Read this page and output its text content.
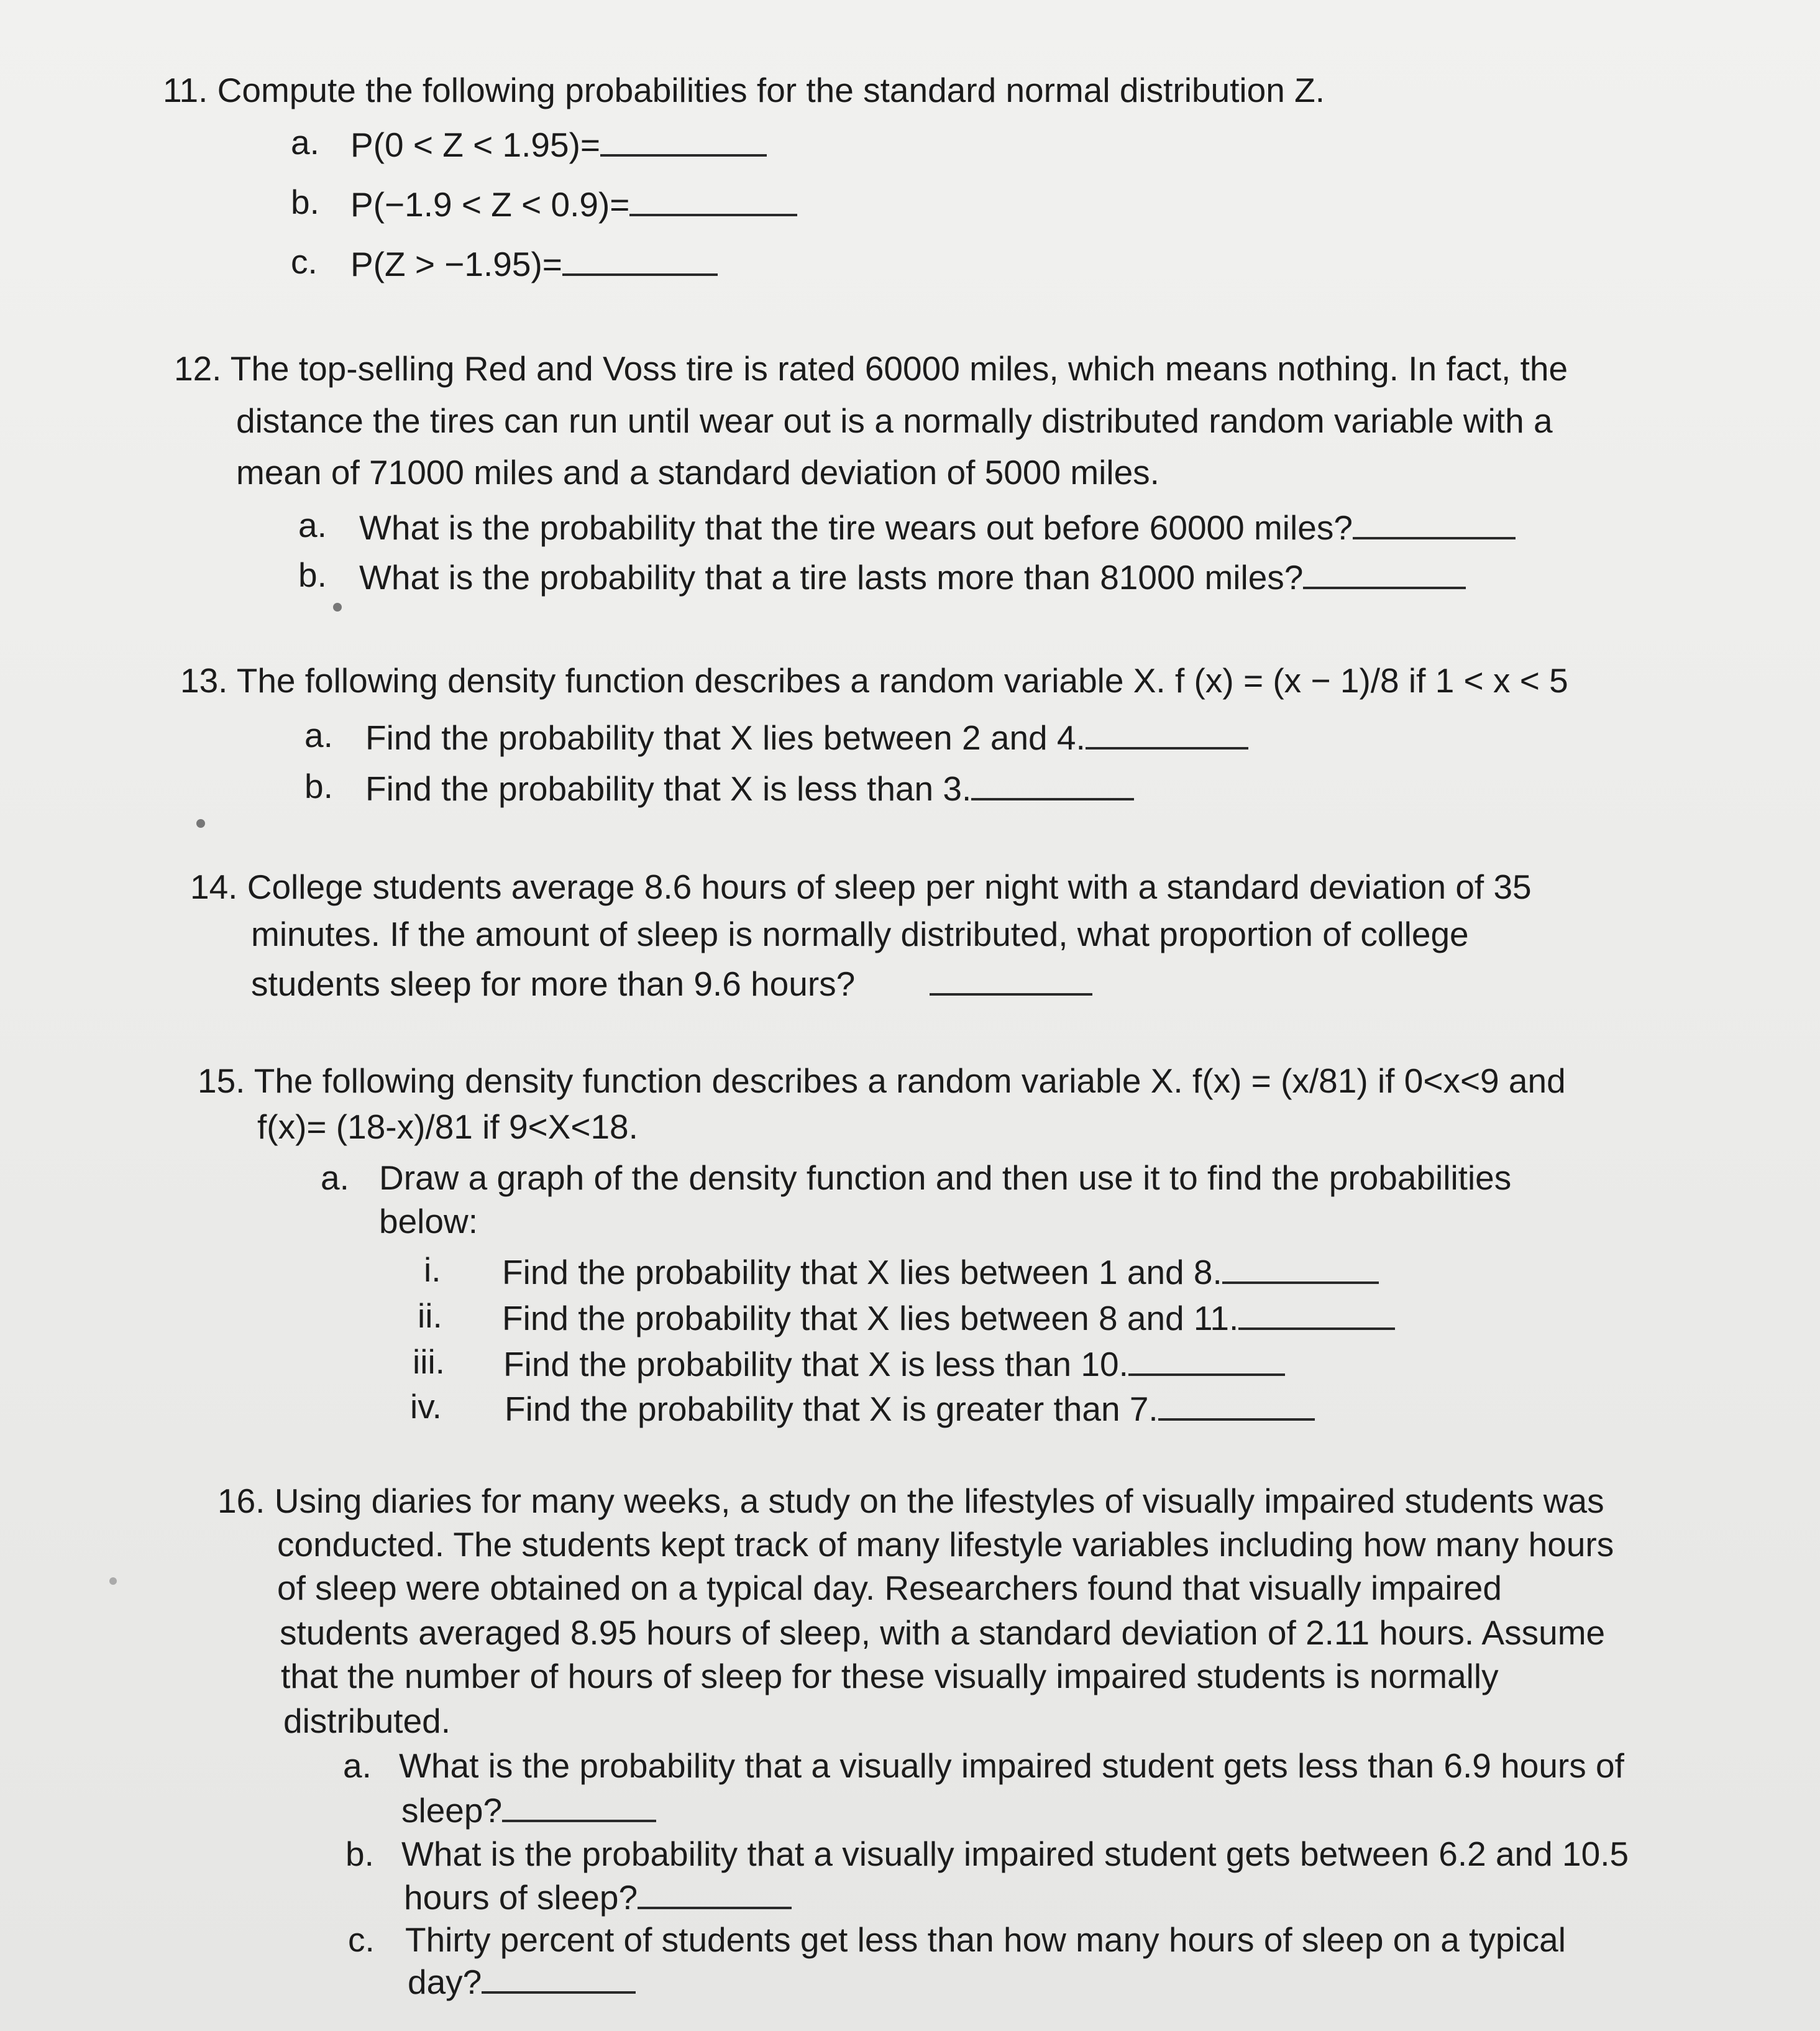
11. Compute the following probabilities for the standard normal distribution Z.
a. P(0 < Z < 1.95)=
b. P(−1.9 < Z < 0.9)=
c. P(Z > −1.95)=
12. The top-selling Red and Voss tire is rated 60000 miles, which means nothing. In fact, the
distance the tires can run until wear out is a normally distributed random variable with a
mean of 71000 miles and a standard deviation of 5000 miles.
a. What is the probability that the tire wears out before 60000 miles?
b. What is the probability that a tire lasts more than 81000 miles?
13. The following density function describes a random variable X. f (x) = (x − 1)/8 if 1 < x < 5
a. Find the probability that X lies between 2 and 4.
b. Find the probability that X is less than 3.
14. College students average 8.6 hours of sleep per night with a standard deviation of 35
minutes. If the amount of sleep is normally distributed, what proportion of college
students sleep for more than 9.6 hours?
15. The following density function describes a random variable X. f(x) = (x/81) if 0<x<9 and
f(x)= (18-x)/81 if 9<X<18.
a. Draw a graph of the density function and then use it to find the probabilities
below:
i. Find the probability that X lies between 1 and 8.
ii. Find the probability that X lies between 8 and 11.
iii. Find the probability that X is less than 10.
iv. Find the probability that X is greater than 7.
16. Using diaries for many weeks, a study on the lifestyles of visually impaired students was
conducted. The students kept track of many lifestyle variables including how many hours
of sleep were obtained on a typical day. Researchers found that visually impaired
students averaged 8.95 hours of sleep, with a standard deviation of 2.11 hours. Assume
that the number of hours of sleep for these visually impaired students is normally
distributed.
a. What is the probability that a visually impaired student gets less than 6.9 hours of
sleep?
b. What is the probability that a visually impaired student gets between 6.2 and 10.5
hours of sleep?
c. Thirty percent of students get less than how many hours of sleep on a typical
day?
